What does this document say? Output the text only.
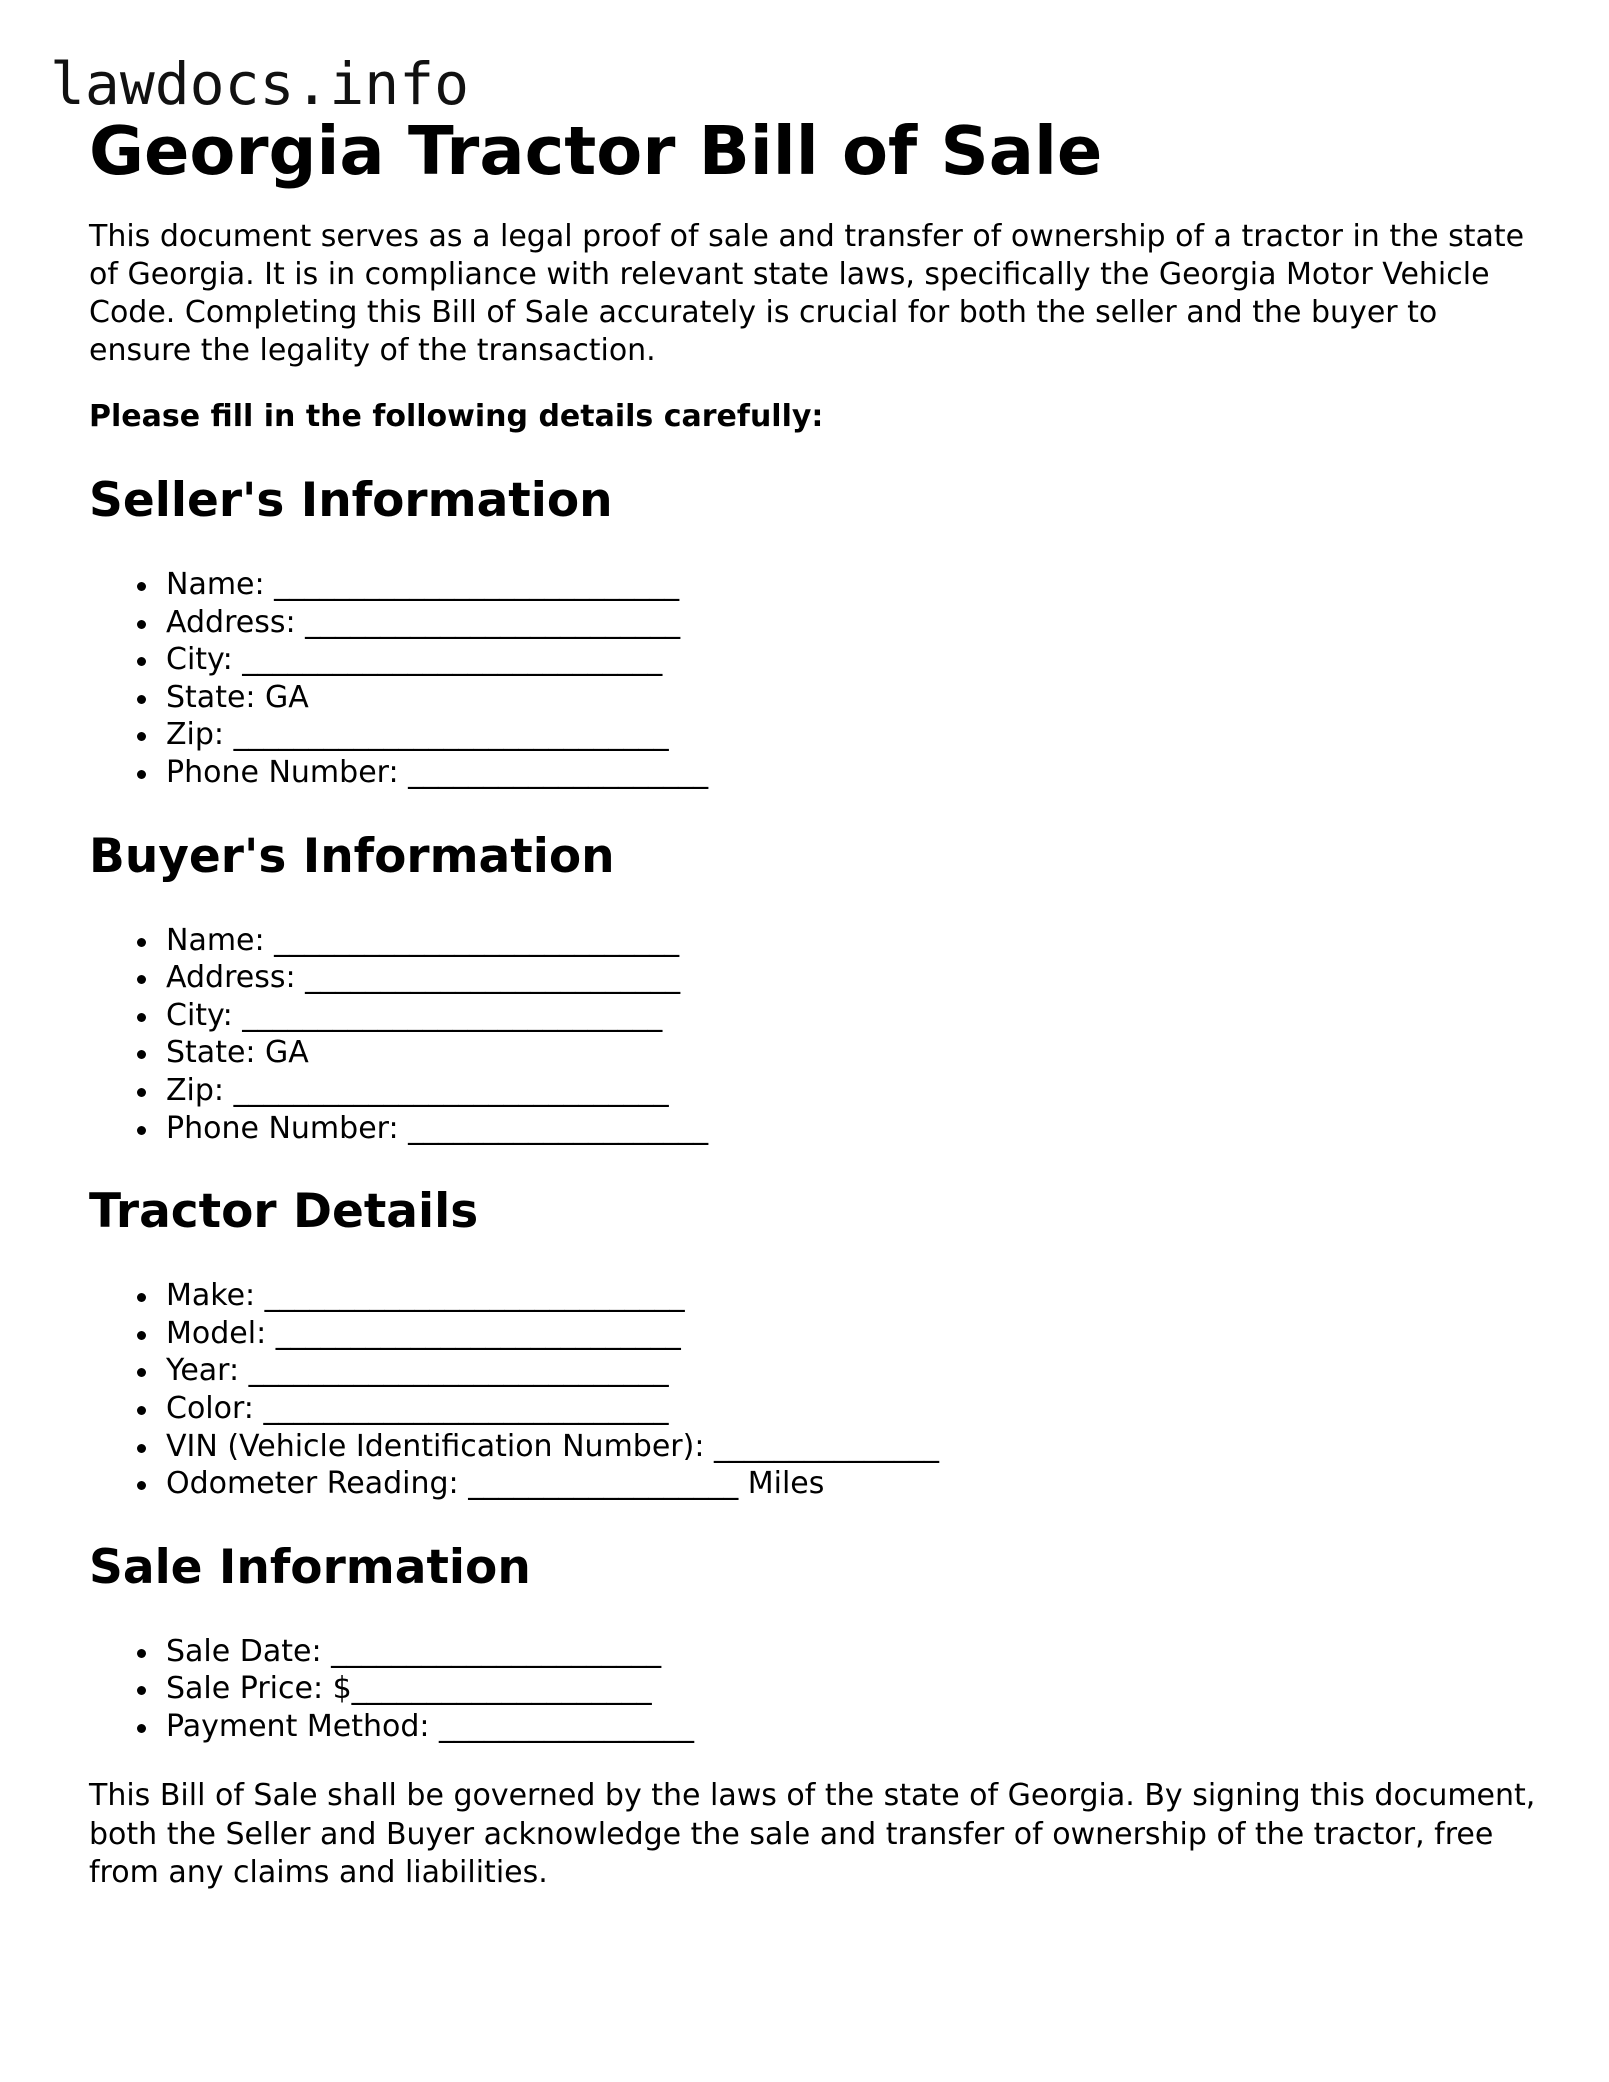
lawdocs.info
Georgia Tractor Bill of Sale

This document serves as a legal proof of sale and transfer of ownership of a tractor in the state of Georgia. It is in compliance with relevant state laws, specifically the Georgia Motor Vehicle Code. Completing this Bill of Sale accurately is crucial for both the seller and the buyer to ensure the legality of the transaction.

Please fill in the following details carefully:

Seller's Information
Name: ___________________________
Address: _________________________
City: ____________________________
State: GA
Zip: _____________________________
Phone Number: ____________________
Buyer's Information
Name: ___________________________
Address: _________________________
City: ____________________________
State: GA
Zip: _____________________________
Phone Number: ____________________
Tractor Details
Make: ____________________________
Model: ___________________________
Year: ____________________________
Color: ___________________________
VIN (Vehicle Identification Number): _______________
Odometer Reading: __________________ Miles
Sale Information
Sale Date: ______________________
Sale Price: $____________________
Payment Method: _________________

This Bill of Sale shall be governed by the laws of the state of Georgia. By signing this document, both the Seller and Buyer acknowledge the sale and transfer of ownership of the tractor, free from any claims and liabilities.
